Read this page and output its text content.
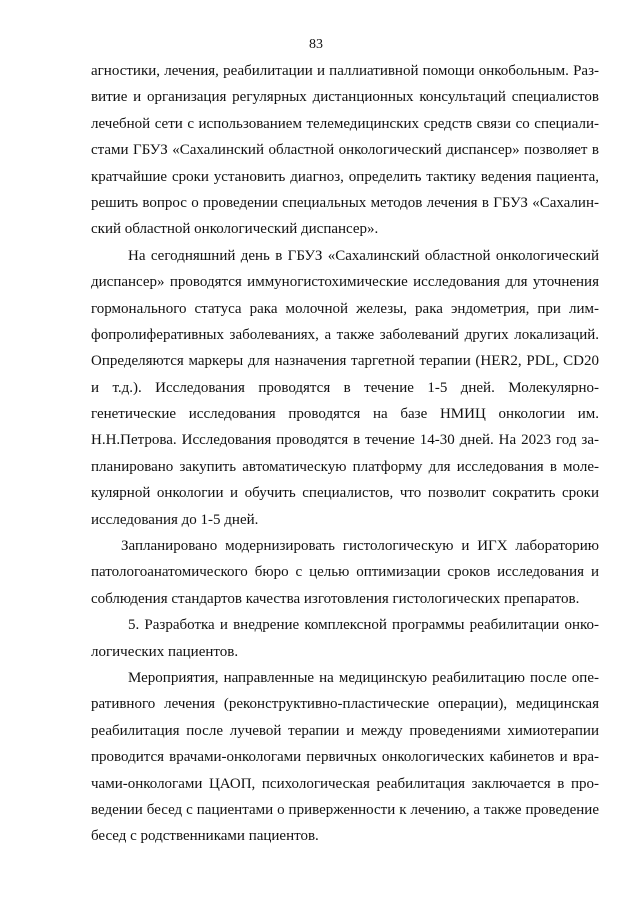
83
агностики, лечения, реабилитации и паллиативной помощи онкобольным. Раз-
витие и организация регулярных дистанционных консультаций специалистов
лечебной сети с использованием телемедицинских средств связи со специали-
стами ГБУЗ «Сахалинский областной онкологический диспансер» позволяет в
кратчайшие сроки установить диагноз, определить тактику ведения пациента,
решить вопрос о проведении специальных методов лечения в ГБУЗ «Сахалин-
ский областной онкологический диспансер».
На сегодняшний день в ГБУЗ «Сахалинский областной онкологический
диспансер» проводятся иммуногистохимические исследования для уточнения
гормонального статуса рака молочной железы, рака эндометрия, при лим-
фопролиферативных заболеваниях, а также заболеваний других локализаций.
Определяются маркеры для назначения таргетной терапии (HER2, PDL, CD20
и т.д.). Исследования проводятся в течение 1-5 дней. Молекулярно-
генетические исследования проводятся на базе НМИЦ онкологии им.
Н.Н.Петрова. Исследования проводятся в течение 14-30 дней. На 2023 год за-
планировано закупить автоматическую платформу для исследования в моле-
кулярной онкологии и обучить специалистов, что позволит сократить сроки
исследования до 1-5 дней.
Запланировано модернизировать гистологическую и ИГХ лабораторию
патологоанатомического бюро с целью оптимизации сроков исследования и
соблюдения стандартов качества изготовления гистологических препаратов.
5. Разработка и внедрение комплексной программы реабилитации онко-
логических пациентов.
Мероприятия, направленные на медицинскую реабилитацию после опе-
ративного лечения (реконструктивно-пластические операции), медицинская
реабилитация после лучевой терапии и между проведениями химиотерапии
проводится врачами-онкологами первичных онкологических кабинетов и вра-
чами-онкологами ЦАОП, психологическая реабилитация заключается в про-
ведении бесед с пациентами о приверженности к лечению, а также проведение
бесед с родственниками пациентов.
